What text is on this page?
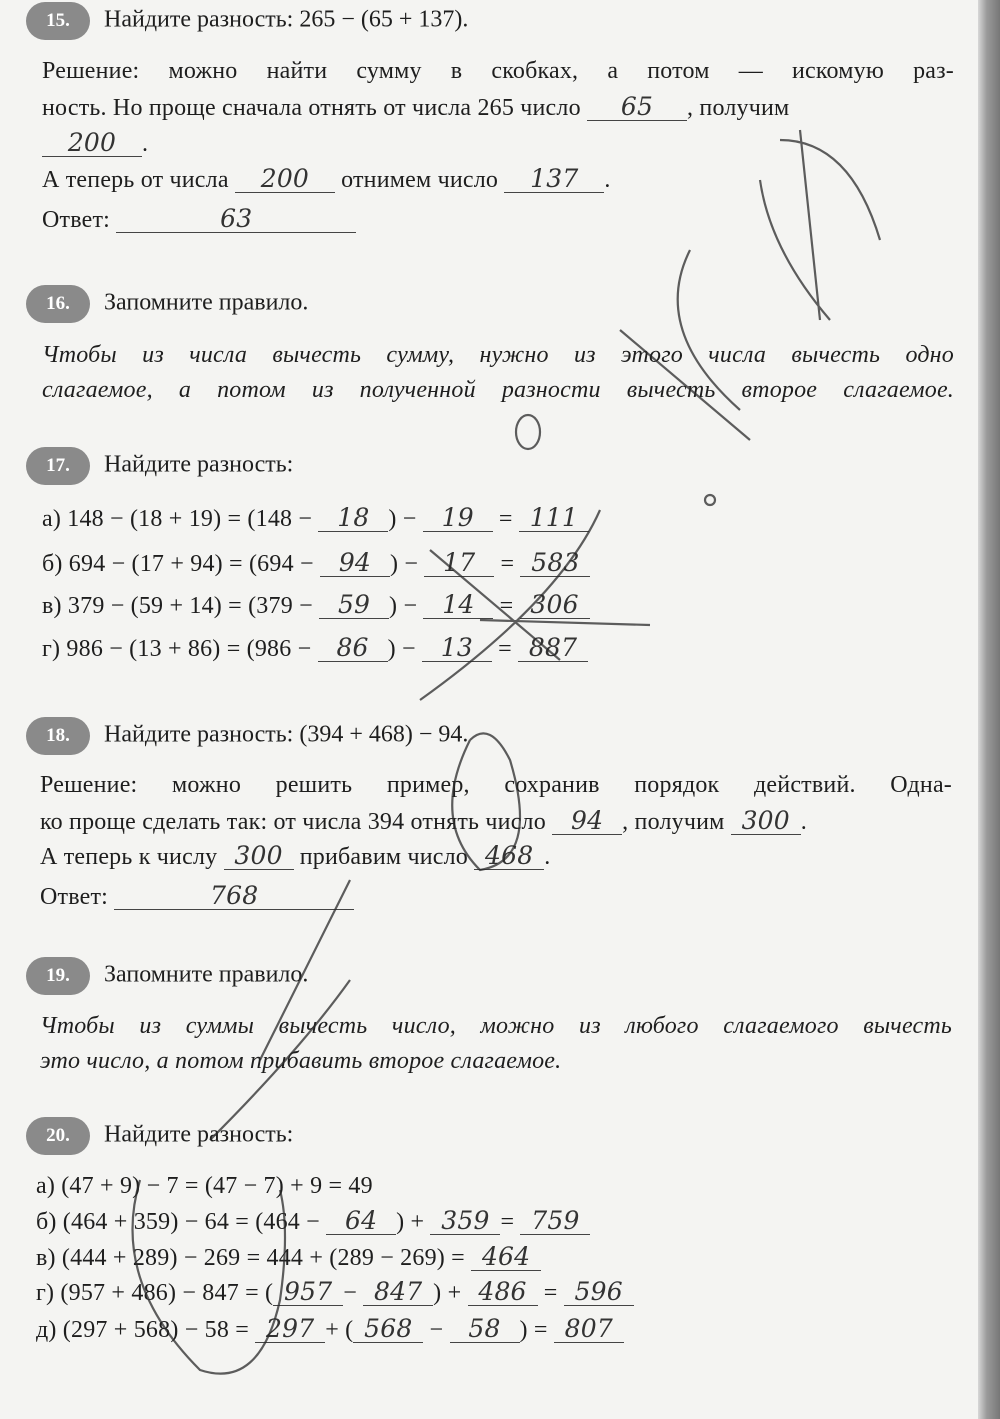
15. Найдите разность: 265 − (65 + 137).
Решение: можно найти сумму в скобках, а потом — искомую раз-
ность. Но проще сначала отнять от числа 265 число 65 , получим
200 .
А теперь от числа 200 отнимем число 137 .
Ответ:	63
16. Запомните правило.
Чтобы из числа вычесть сумму, нужно из этого числа вычесть одно
слагаемое, а потом из полученной разности вычесть второе слагаемое.
17. Найдите разность:
а) 148 − (18 + 19) = (148 − 18 ) − 19 = 111
б) 694 − (17 + 94) = (694 − 94 ) − 17 = 583
в) 379 − (59 + 14) = (379 − 59 ) − 14 = 306
г) 986 − (13 + 86) = (986 − 86 ) − 13 = 887
18. Найдите разность: (394 + 468) − 94.
Решение: можно решить пример, сохранив порядок действий. Одна-
ко проще сделать так: от числа 394 отнять число 94 , получим 300 .
А теперь к числу 300 прибавим число 468 .
Ответ:	768
19. Запомните правило.
Чтобы из суммы вычесть число, можно из любого слагаемого вычесть
это число, а потом прибавить второе слагаемое.
20. Найдите разность:
а) (47 + 9) − 7 = (47 − 7) + 9 = 49
б) (464 + 359) − 64 = (464 − 64 ) + 359 = 759
в) (444 + 289) − 269 = 444 + (289 − 269) = 464
г) (957 + 486) − 847 = ( 957 − 847 ) + 486 = 596
д) (297 + 568) − 58 = 297 + ( 568 − 58 ) = 807
